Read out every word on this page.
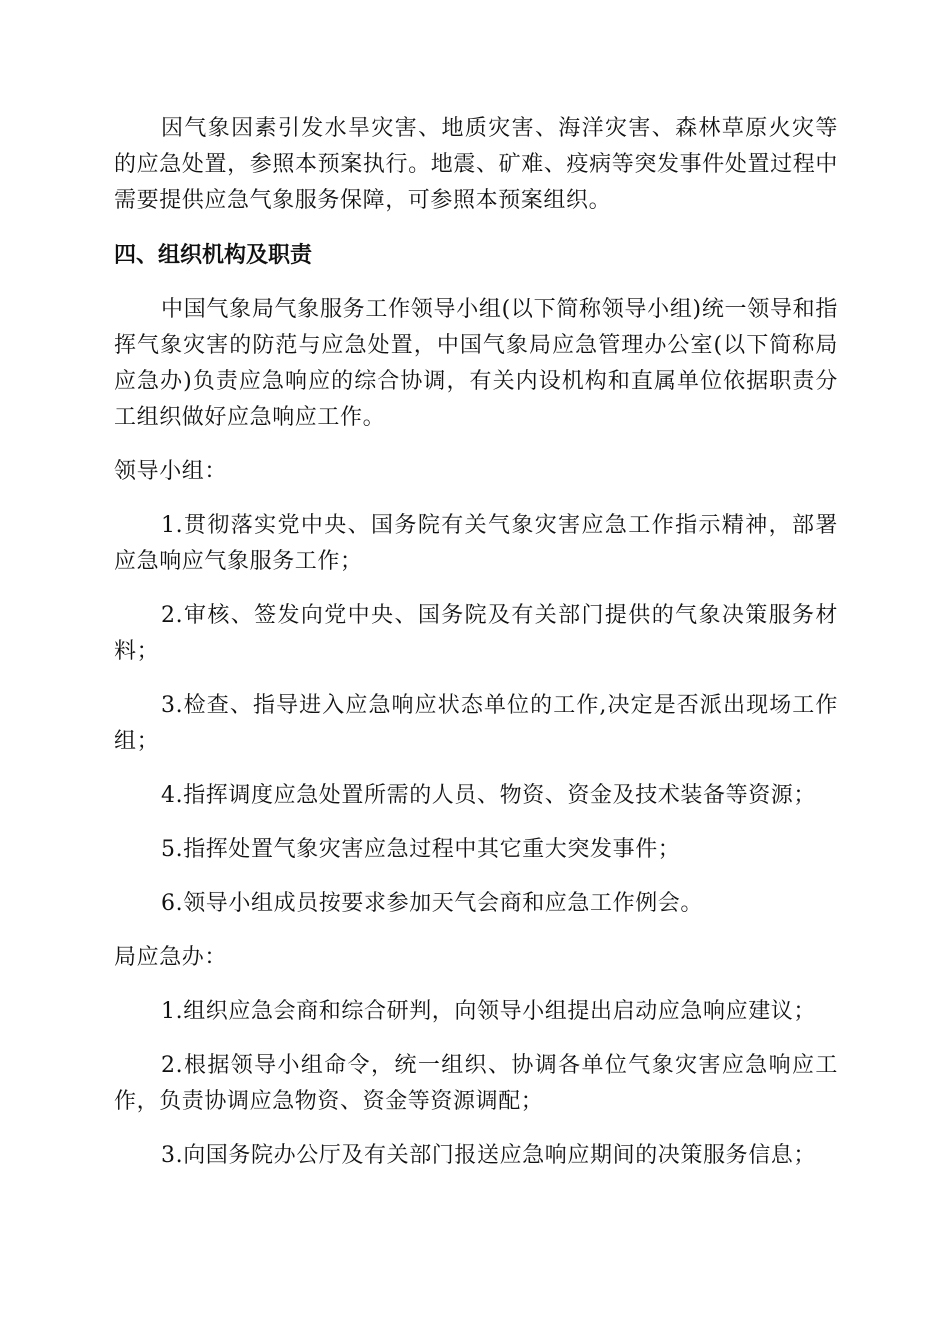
因气象因素引发水旱灾害、地质灾害、海洋灾害、森林草原火灾等的应急处置，参照本预案执行。地震、矿难、疫病等突发事件处置过程中需要提供应急气象服务保障，可参照本预案组织。

四、组织机构及职责

中国气象局气象服务工作领导小组(以下简称领导小组)统一领导和指挥气象灾害的防范与应急处置，中国气象局应急管理办公室(以下简称局应急办)负责应急响应的综合协调，有关内设机构和直属单位依据职责分工组织做好应急响应工作。

领导小组：

1.贯彻落实党中央、国务院有关气象灾害应急工作指示精神，部署应急响应气象服务工作；

2.审核、签发向党中央、国务院及有关部门提供的气象决策服务材料；

3.检查、指导进入应急响应状态单位的工作,决定是否派出现场工作组；

4.指挥调度应急处置所需的人员、物资、资金及技术装备等资源；

5.指挥处置气象灾害应急过程中其它重大突发事件；

6.领导小组成员按要求参加天气会商和应急工作例会。

局应急办：

1.组织应急会商和综合研判，向领导小组提出启动应急响应建议；

2.根据领导小组命令，统一组织、协调各单位气象灾害应急响应工作，负责协调应急物资、资金等资源调配；

3.向国务院办公厅及有关部门报送应急响应期间的决策服务信息；
